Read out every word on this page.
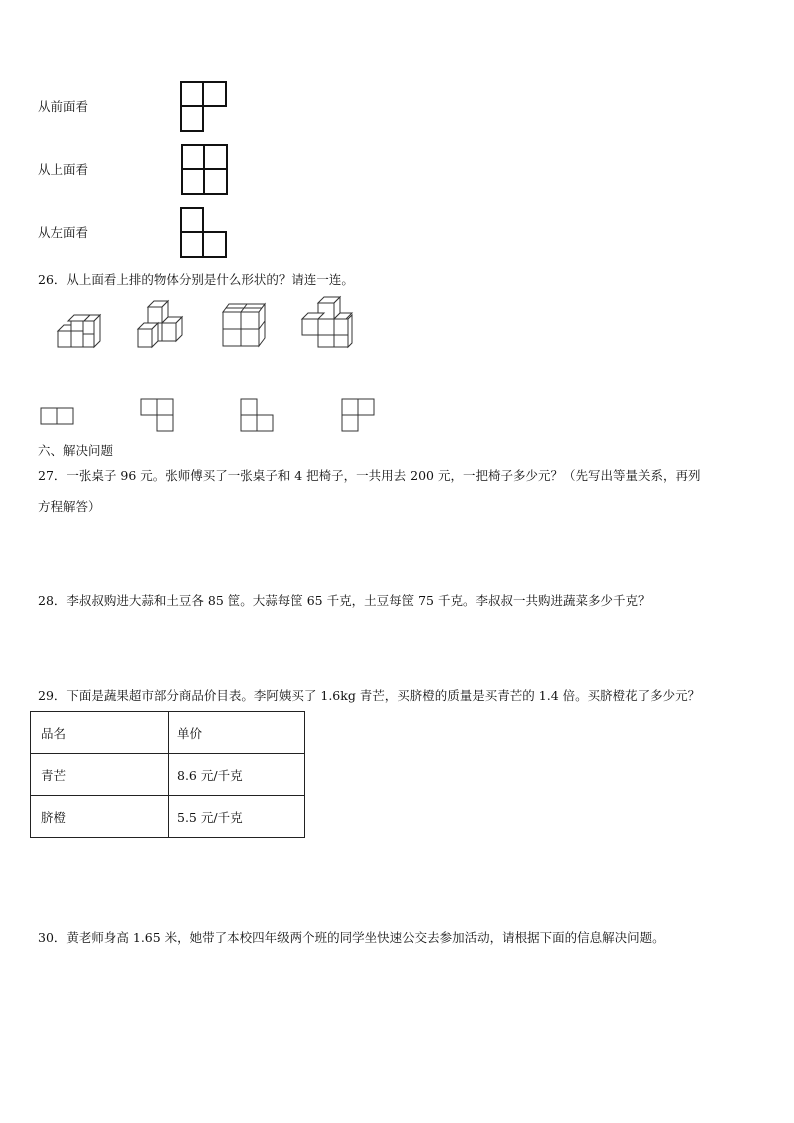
从前面看
从上面看
从左面看
26．从上面看上排的物体分别是什么形状的？请连一连。
六、解决问题
27．一张桌子 96 元。张师傅买了一张桌子和 4 把椅子，一共用去 200 元，一把椅子多少元？（先写出等量关系，再列
方程解答）
28．李叔叔购进大蒜和土豆各 85 筐。大蒜每筐 65 千克，土豆每筐 75 千克。李叔叔一共购进蔬菜多少千克？
29．下面是蔬果超市部分商品价目表。李阿姨买了 1.6kg 青芒，买脐橙的质量是买青芒的 1.4 倍。买脐橙花了多少元？
品名	单价
青芒	8.6 元/千克
脐橙	5.5 元/千克
30．黄老师身高 1.65 米，她带了本校四年级两个班的同学坐快速公交去参加活动，请根据下面的信息解决问题。
